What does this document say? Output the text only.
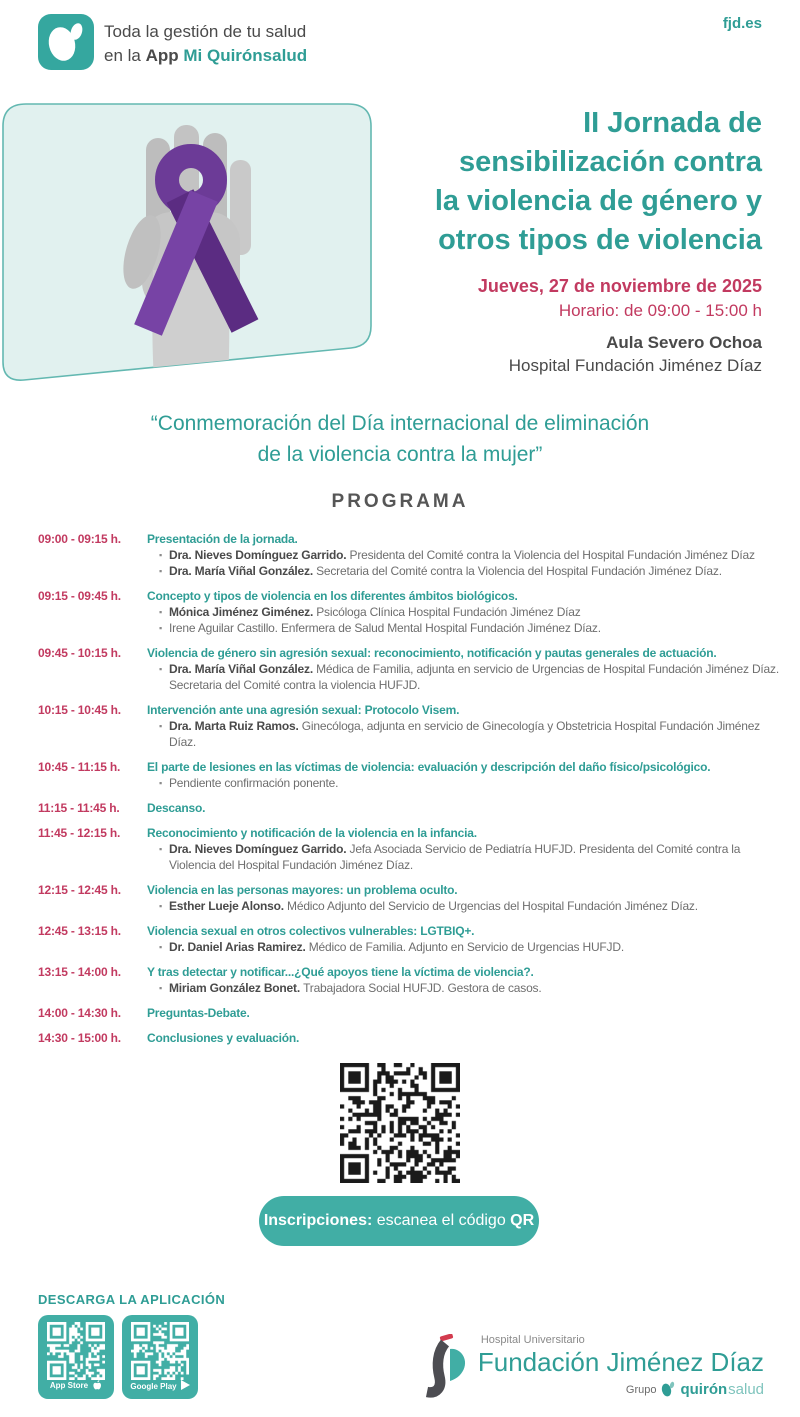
Toda la gestión de tu salud
en la App Mi Quirónsalud
fjd.es
II Jornada de
sensibilización contra
la violencia de género y
otros tipos de violencia
Jueves, 27 de noviembre de 2025
Horario: de 09:00 - 15:00 h
Aula Severo Ochoa
Hospital Fundación Jiménez Díaz
“Conmemoración del Día internacional de eliminación
de la violencia contra la mujer”
PROGRAMA
09:00 - 09:15 h.	Presentación de la jornada.
▪ Dra. Nieves Domínguez Garrido. Presidenta del Comité contra la Violencia del Hospital Fundación Jiménez Díaz
▪ Dra. María Viñal González. Secretaria del Comité contra la Violencia del Hospital Fundación Jiménez Díaz.
09:15 - 09:45 h.	Concepto y tipos de violencia en los diferentes ámbitos biológicos.
▪ Mónica Jiménez Giménez. Psicóloga Clínica Hospital Fundación Jiménez Díaz
▪ Irene Aguilar Castillo. Enfermera de Salud Mental Hospital Fundación Jiménez Díaz.
09:45 - 10:15 h.	Violencia de género sin agresión sexual: reconocimiento, notificación y pautas generales de actuación.
▪ Dra. María Viñal González. Médica de Familia, adjunta en servicio de Urgencias de Hospital Fundación Jiménez Díaz. Secretaria del Comité contra la violencia HUFJD.
10:15 - 10:45 h.	Intervención ante una agresión sexual: Protocolo Visem.
▪ Dra. Marta Ruiz Ramos. Ginecóloga, adjunta en servicio de Ginecología y Obstetricia Hospital Fundación Jiménez Díaz.
10:45 - 11:15 h.	El parte de lesiones en las víctimas de violencia: evaluación y descripción del daño físico/psicológico.
▪ Pendiente confirmación ponente.
11:15 - 11:45 h.	Descanso.
11:45 - 12:15 h.	Reconocimiento y notificación de la violencia en la infancia.
▪ Dra. Nieves Domínguez Garrido. Jefa Asociada Servicio de Pediatría HUFJD. Presidenta del Comité contra la Violencia del Hospital Fundación Jiménez Díaz.
12:15 - 12:45 h.	Violencia en las personas mayores: un problema oculto.
▪ Esther Lueje Alonso. Médico Adjunto del Servicio de Urgencias del Hospital Fundación Jiménez Díaz.
12:45 - 13:15 h.	Violencia sexual en otros colectivos vulnerables: LGTBIQ+.
▪ Dr. Daniel Arias Ramirez. Médico de Familia. Adjunto en Servicio de Urgencias HUFJD.
13:15 - 14:00 h.	Y tras detectar y notificar...¿Qué apoyos tiene la víctima de violencia?.
▪ Miriam González Bonet. Trabajadora Social HUFJD. Gestora de casos.
14:00 - 14:30 h.	Preguntas-Debate.
14:30 - 15:00 h.	Conclusiones y evaluación.
Inscripciones: escanea el código QR
DESCARGA LA APLICACIÓN
App Store	Google Play
Hospital Universitario
Fundación Jiménez Díaz
Grupo quirón salud
